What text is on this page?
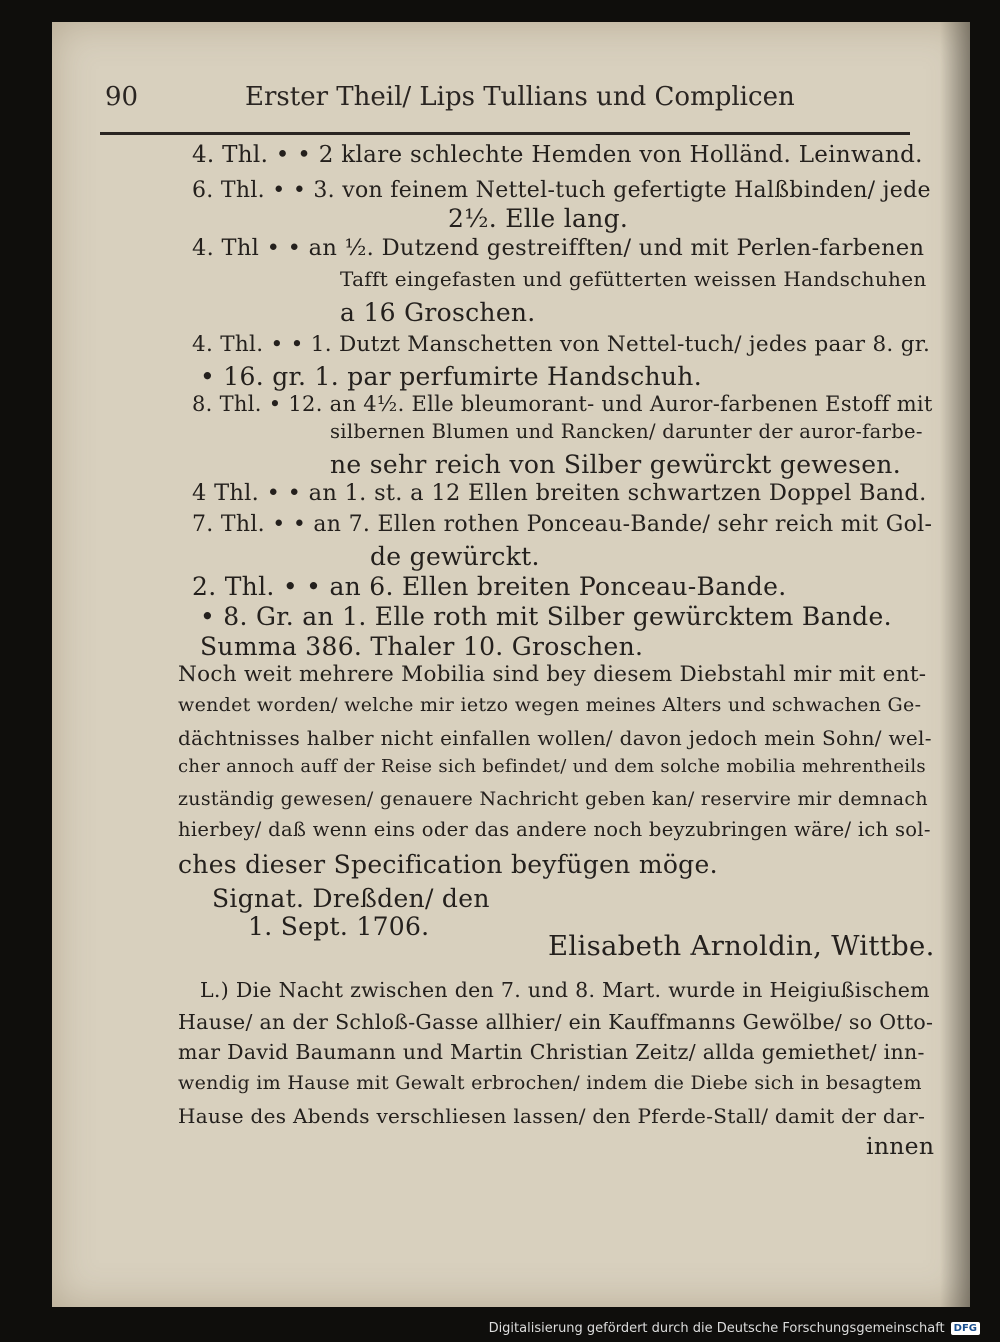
90	Erster Theil/ Lips Tullians und Complicen
4. Thl. • • 2 klare schlechte Hemden von Holländ. Leinwand.
6. Thl. • • 3. von feinem Nettel-tuch gefertigte Halßbinden/ jede
2½. Elle lang.
4. Thl • • an ½. Dutzend gestreifften/ und mit Perlen-farbenen
Tafft eingefasten und gefütterten weissen Handschuhen
a 16 Groschen.
4. Thl. • • 1. Dutzt Manschetten von Nettel-tuch/ jedes paar 8. gr.
• 16. gr. 1. par perfumirte Handschuh.
8. Thl. • 12. an 4½. Elle bleumorant- und Auror-farbenen Estoff mit
silbernen Blumen und Rancken/ darunter der auror-farbe-
ne sehr reich von Silber gewürckt gewesen.
4 Thl. • • an 1. st. a 12 Ellen breiten schwartzen Doppel Band.
7. Thl. • • an 7. Ellen rothen Ponceau-Bande/ sehr reich mit Gol-
de gewürckt.
2. Thl. • • an 6. Ellen breiten Ponceau-Bande.
• 8. Gr. an 1. Elle roth mit Silber gewürcktem Bande.
Summa 386. Thaler 10. Groschen.
Noch weit mehrere Mobilia sind bey diesem Diebstahl mir mit ent-
wendet worden/ welche mir ietzo wegen meines Alters und schwachen Ge-
dächtnisses halber nicht einfallen wollen/ davon jedoch mein Sohn/ wel-
cher annoch auff der Reise sich befindet/ und dem solche mobilia mehrentheils
zuständig gewesen/ genauere Nachricht geben kan/ reservire mir demnach
hierbey/ daß wenn eins oder das andere noch beyzubringen wäre/ ich sol-
ches dieser Specification beyfügen möge.
Signat. Dreßden/ den
1. Sept. 1706.
Elisabeth Arnoldin, Wittbe.
L.) Die Nacht zwischen den 7. und 8. Mart. wurde in Heigiußischem
Hause/ an der Schloß-Gasse allhier/ ein Kauffmanns Gewölbe/ so Otto-
mar David Baumann und Martin Christian Zeitz/ allda gemiethet/ inn-
wendig im Hause mit Gewalt erbrochen/ indem die Diebe sich in besagtem
Hause des Abends verschliesen lassen/ den Pferde-Stall/ damit der dar-
innen
Digitalisierung gefördert durch die Deutsche Forschungsgemeinschaft DFG
